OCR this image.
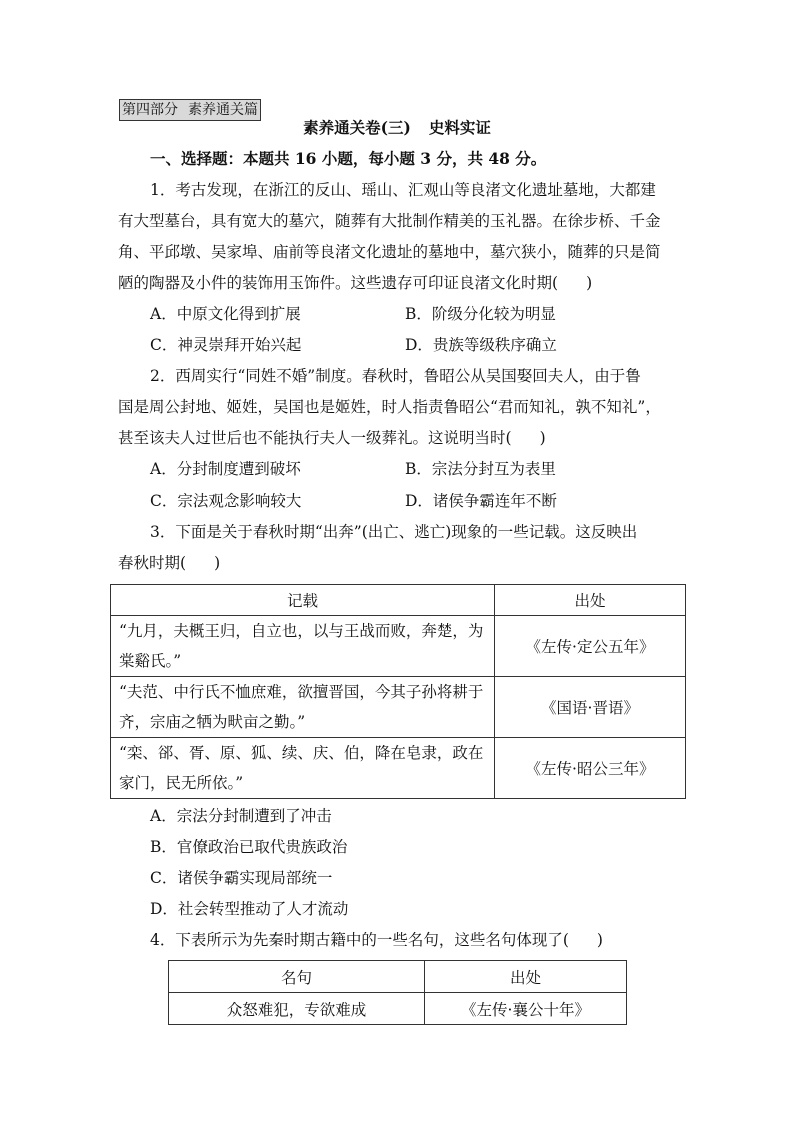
第四部分 素养通关篇
素养通关卷(三) 史料实证
一、选择题：本题共 16 小题，每小题 3 分，共 48 分。
1．考古发现，在浙江的反山、瑶山、汇观山等良渚文化遗址墓地，大都建
有大型墓台，具有宽大的墓穴，随葬有大批制作精美的玉礼器。在徐步桥、千金
角、平邱墩、吴家埠、庙前等良渚文化遗址的墓地中，墓穴狭小，随葬的只是简
陋的陶器及小件的装饰用玉饰件。这些遗存可印证良渚文化时期( )
A．中原文化得到扩展	B．阶级分化较为明显
C．神灵崇拜开始兴起	D．贵族等级秩序确立
2．西周实行“同姓不婚”制度。春秋时，鲁昭公从吴国娶回夫人，由于鲁
国是周公封地、姬姓，吴国也是姬姓，时人指责鲁昭公“君而知礼，孰不知礼”，
甚至该夫人过世后也不能执行夫人一级葬礼。这说明当时( )
A．分封制度遭到破坏	B．宗法分封互为表里
C．宗法观念影响较大	D．诸侯争霸连年不断
3．下面是关于春秋时期“出奔”(出亡、逃亡)现象的一些记载。这反映出
春秋时期( )
记载	出处
“九月，夫概王归，自立也，以与王战而败，奔楚，为棠谿氏。”	《左传·定公五年》
“夫范、中行氏不恤庶难，欲擅晋国，今其子孙将耕于齐，宗庙之牺为畎亩之勤。”	《国语·晋语》
“栾、郤、胥、原、狐、续、庆、伯，降在皂隶，政在家门，民无所依。”	《左传·昭公三年》
A．宗法分封制遭到了冲击
B．官僚政治已取代贵族政治
C．诸侯争霸实现局部统一
D．社会转型推动了人才流动
4．下表所示为先秦时期古籍中的一些名句，这些名句体现了( )
名句	出处
众怒难犯，专欲难成	《左传·襄公十年》
